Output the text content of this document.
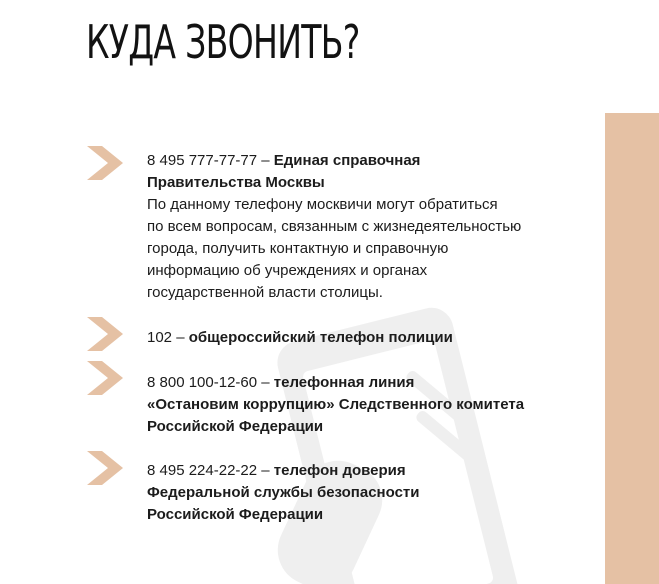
КУДА ЗВОНИТЬ?
8 495 777-77-77 – Единая справочная
Правительства Москвы
По данному телефону москвичи могут обратиться
по всем вопросам, связанным с жизнедеятельностью
города, получить контактную и справочную
информацию об учреждениях и органах
государственной власти столицы.
102 – общероссийский телефон полиции
8 800 100-12-60 – телефонная линия
«Остановим коррупцию» Следственного комитета
Российской Федерации
8 495 224-22-22 – телефон доверия
Федеральной службы безопасности
Российской Федерации
